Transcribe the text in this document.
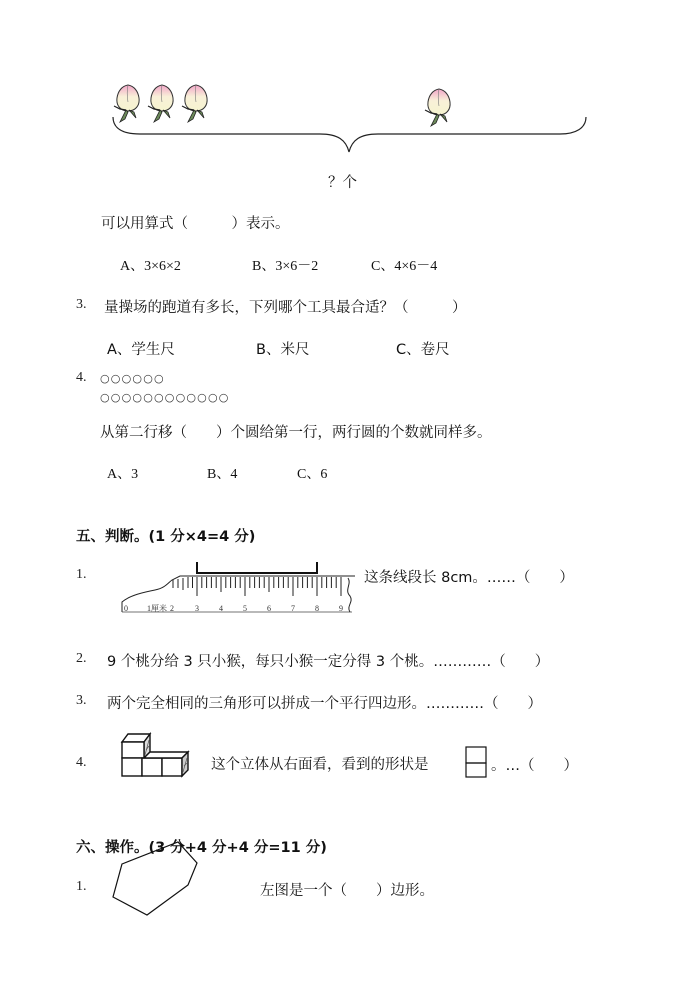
？个
可以用算式（　　　）表示。
A、3×6×2	B、3×6－2	C、4×6－4
3. 量操场的跑道有多长，下列哪个工具最合适？（　　　）
A、学生尺	B、米尺	C、卷尺
4. ○○○○○○
○○○○○○○○○○○○
从第二行移（　　）个圆给第一行，两行圆的个数就同样多。
A、3	B、4	C、6
五、判断。(1 分×4=4 分)
1.
0 1 厘米 2	3	4	5	6	7	8	9
这条线段长 8cm。……（　　）
2. 9 个桃分给 3 只小猴，每只小猴一定分得 3 个桃。…………（　　）
3. 两个完全相同的三角形可以拼成一个平行四边形。…………（　　）
4.	这个立体从右面看，看到的形状是	。…（　　）
六、操作。(3 分+4 分+4 分=11 分)
1.	左图是一个（　　）边形。
